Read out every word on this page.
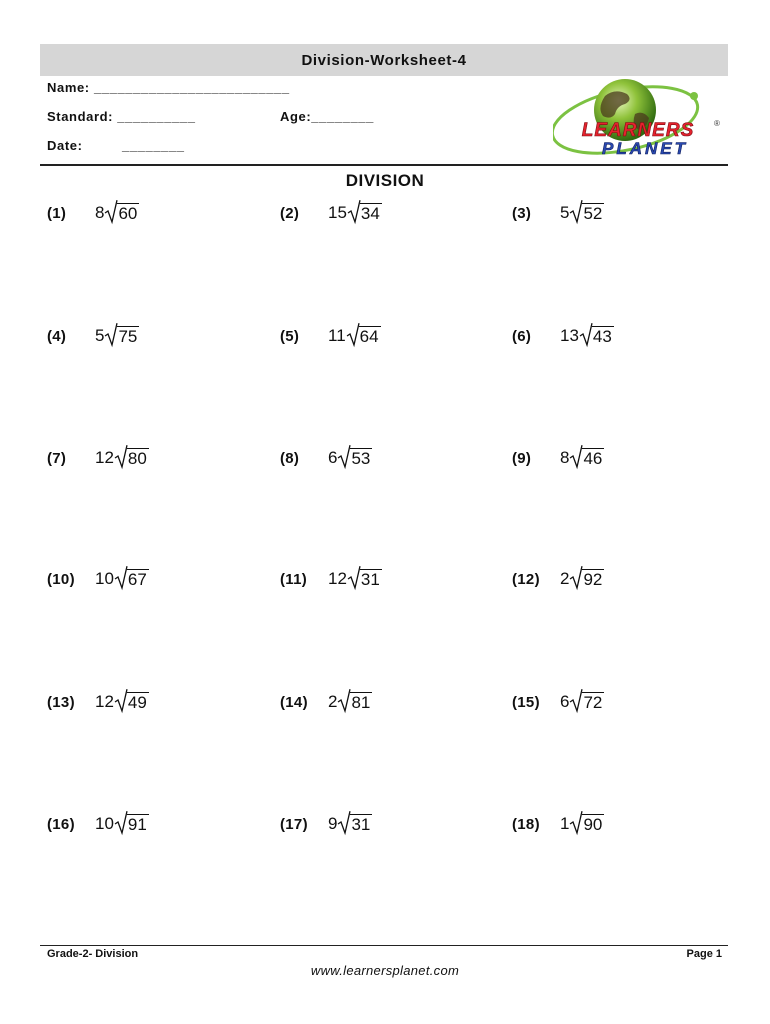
Division-Worksheet-4
Name: _________________________
Standard: __________	Age:________
Date:	________
LEARNERS ®
PLANET
DIVISION
(1)	8 60	(2)	15 34	(3)	5 52
(4)	5 75	(5)	11 64	(6)	13 43
(7)	12 80	(8)	6 53	(9)	8 46
(10)	10 67	(11)	12 31	(12)	2 92
(13)	12 49	(14)	2 81	(15)	6 72
(16)	10 91	(17)	9 31	(18)	1 90
Grade-2- Division	Page 1
www.learnersplanet.com
